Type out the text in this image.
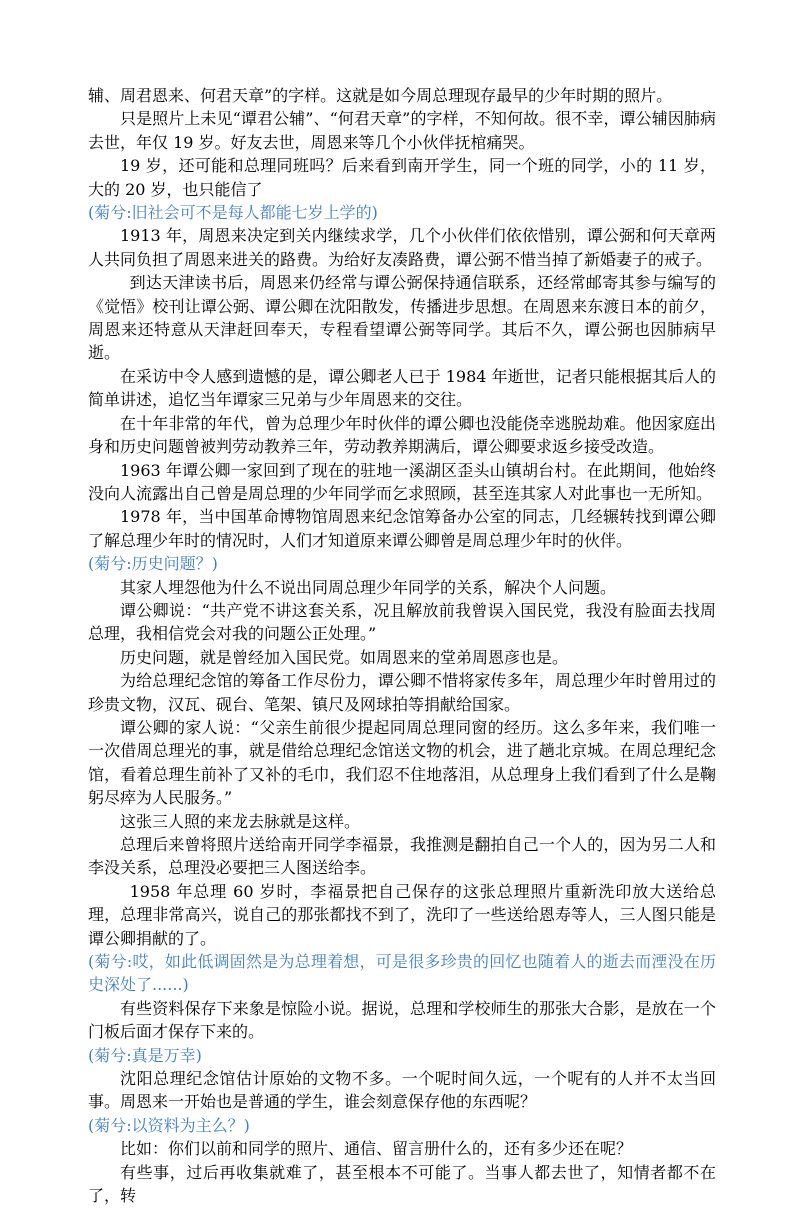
辅、周君恩来、何君天章”的字样。这就是如今周总理现存最早的少年时期的照片。

只是照片上未见“谭君公辅”、“何君天章”的字样，不知何故。很不幸，谭公辅因肺病去世，年仅 19 岁。好友去世，周恩来等几个小伙伴抚棺痛哭。

19 岁，还可能和总理同班吗？后来看到南开学生，同一个班的同学，小的 11 岁，大的 20 岁，也只能信了

(菊兮:旧社会可不是每人都能七岁上学的)

1913 年，周恩来决定到关内继续求学，几个小伙伴们依依惜别，谭公弼和何天章两人共同负担了周恩来进关的路费。为给好友凑路费，谭公弼不惜当掉了新婚妻子的戒子。

到达天津读书后，周恩来仍经常与谭公弼保持通信联系，还经常邮寄其参与编写的《觉悟》校刊让谭公弼、谭公卿在沈阳散发，传播进步思想。在周恩来东渡日本的前夕，周恩来还特意从天津赶回奉天，专程看望谭公弼等同学。其后不久，谭公弼也因肺病早逝。

在采访中令人感到遗憾的是，谭公卿老人已于 1984 年逝世，记者只能根据其后人的简单讲述，追忆当年谭家三兄弟与少年周恩来的交往。

在十年非常的年代，曾为总理少年时伙伴的谭公卿也没能侥幸逃脱劫难。他因家庭出身和历史问题曾被判劳动教养三年，劳动教养期满后，谭公卿要求返乡接受改造。

1963 年谭公卿一家回到了现在的驻地一溪湖区歪头山镇胡台村。在此期间，他始终没向人流露出自己曾是周总理的少年同学而乞求照顾，甚至连其家人对此事也一无所知。

1978 年，当中国革命博物馆周恩来纪念馆筹备办公室的同志，几经辗转找到谭公卿了解总理少年时的情况时，人们才知道原来谭公卿曾是周总理少年时的伙伴。

(菊兮:历史问题？)

其家人埋怨他为什么不说出同周总理少年同学的关系，解决个人问题。

谭公卿说：“共产党不讲这套关系，况且解放前我曾误入国民党，我没有脸面去找周总理，我相信党会对我的问题公正处理。”

历史问题，就是曾经加入国民党。如周恩来的堂弟周恩彦也是。

为给总理纪念馆的筹备工作尽份力，谭公卿不惜将家传多年，周总理少年时曾用过的珍贵文物，汉瓦、砚台、笔架、镇尺及网球拍等捐献给国家。

谭公卿的家人说：“父亲生前很少提起同周总理同窗的经历。这么多年来，我们唯一一次借周总理光的事，就是借给总理纪念馆送文物的机会，进了趟北京城。在周总理纪念馆，看着总理生前补了又补的毛巾，我们忍不住地落泪，从总理身上我们看到了什么是鞠躬尽瘁为人民服务。”

这张三人照的来龙去脉就是这样。

总理后来曾将照片送给南开同学李福景，我推测是翻拍自己一个人的，因为另二人和李没关系，总理没必要把三人图送给李。

1958 年总理 60 岁时，李福景把自己保存的这张总理照片重新洗印放大送给总理，总理非常高兴，说自己的那张都找不到了，洗印了一些送给恩寿等人，三人图只能是谭公卿捐献的了。

(菊兮:哎，如此低调固然是为总理着想，可是很多珍贵的回忆也随着人的逝去而湮没在历史深处了......)

有些资料保存下来象是惊险小说。据说，总理和学校师生的那张大合影，是放在一个门板后面才保存下来的。

(菊兮:真是万幸)

沈阳总理纪念馆估计原始的文物不多。一个呢时间久远，一个呢有的人并不太当回事。周恩来一开始也是普通的学生，谁会刻意保存他的东西呢？

(菊兮:以资料为主么？)

比如：你们以前和同学的照片、通信、留言册什么的，还有多少还在呢？

有些事，过后再收集就难了，甚至根本不可能了。当事人都去世了，知情者都不在了，转
